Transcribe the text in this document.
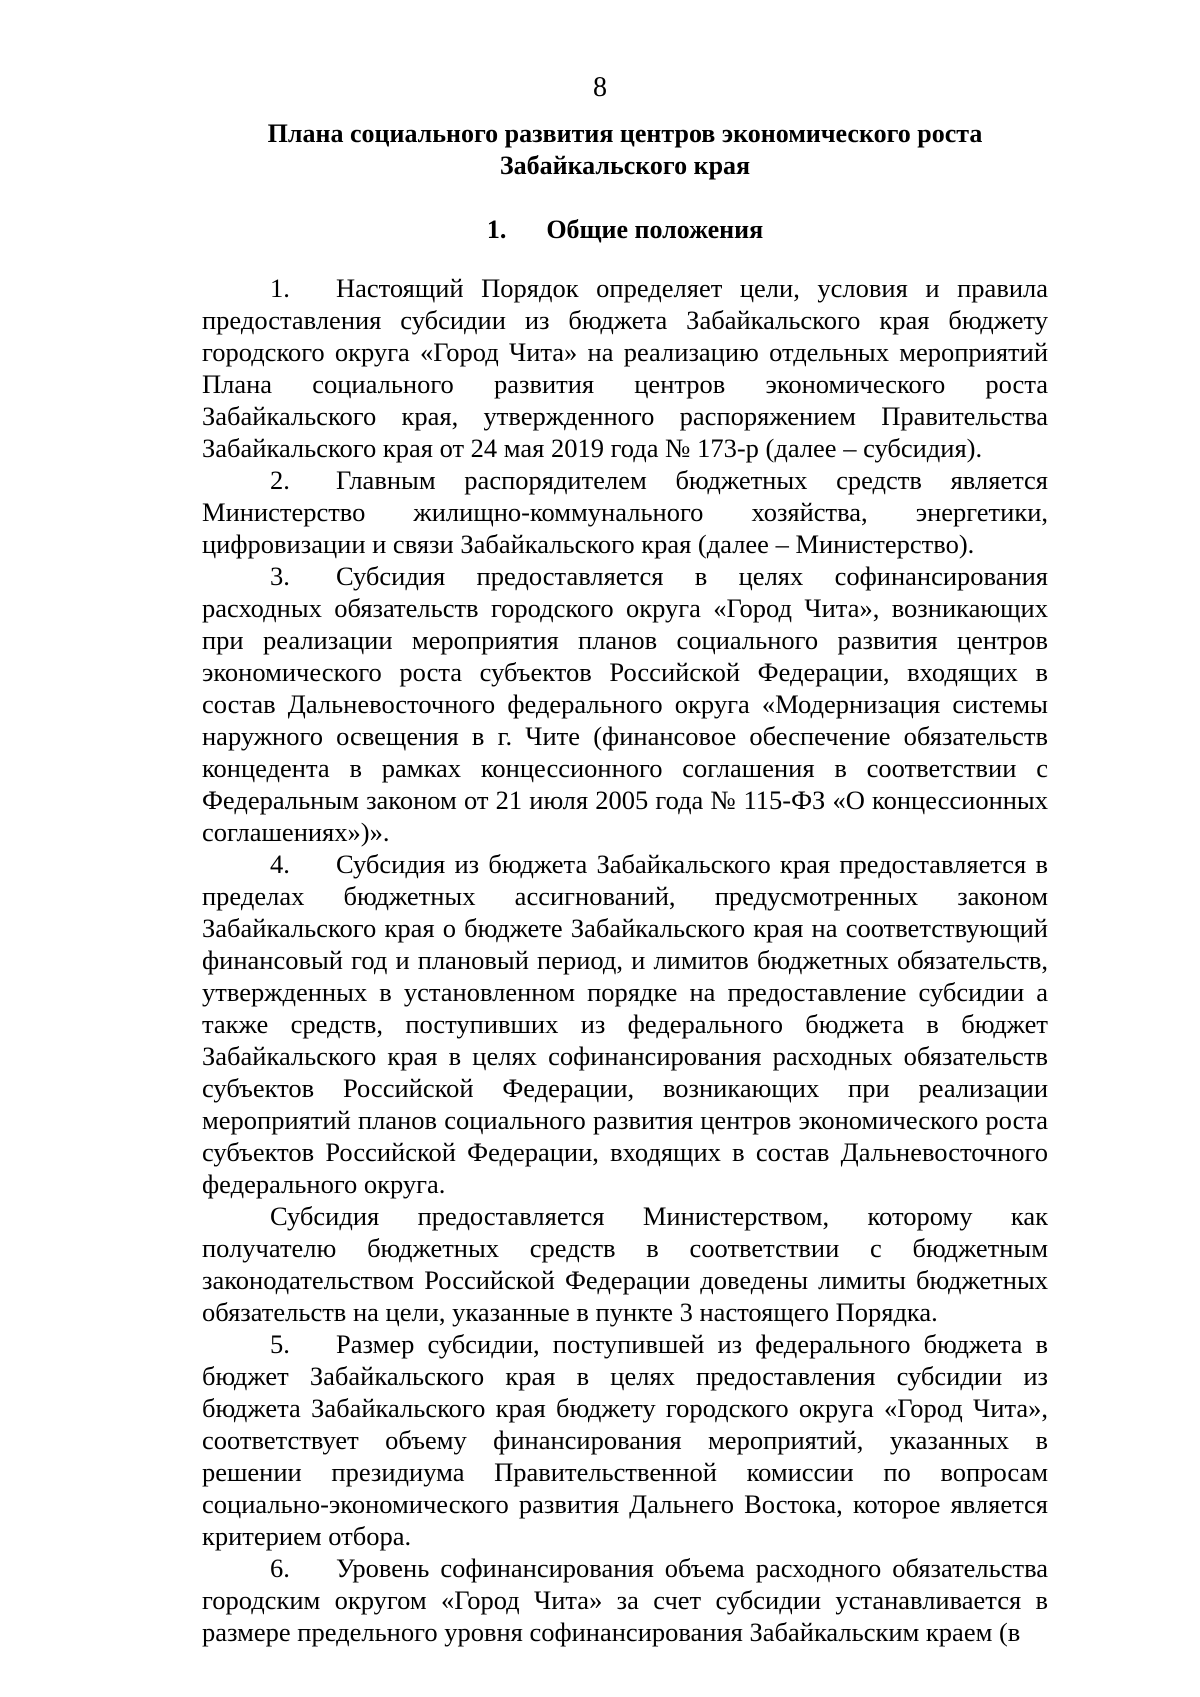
8
Плана социального развития центров экономического роста
Забайкальского края
1. Общие положения

1. Настоящий Порядок определяет цели, условия и правила предоставления субсидии из бюджета Забайкальского края бюджету городского округа «Город Чита» на реализацию отдельных мероприятий Плана социального развития центров экономического роста Забайкальского края, утвержденного распоряжением Правительства Забайкальского края от 24 мая 2019 года № 173-р (далее – субсидия).

2. Главным распорядителем бюджетных средств является Министерство жилищно-коммунального хозяйства, энергетики, цифровизации и связи Забайкальского края (далее – Министерство).

3. Субсидия предоставляется в целях софинансирования расходных обязательств городского округа «Город Чита», возникающих при реализации мероприятия планов социального развития центров экономического роста субъектов Российской Федерации, входящих в состав Дальневосточного федерального округа «Модернизация системы наружного освещения в г. Чите (финансовое обеспечение обязательств концедента в рамках концессионного соглашения в соответствии с Федеральным законом от 21 июля 2005 года № 115-ФЗ «О концессионных соглашениях»)».

4. Субсидия из бюджета Забайкальского края предоставляется в пределах бюджетных ассигнований, предусмотренных законом Забайкальского края о бюджете Забайкальского края на соответствующий финансовый год и плановый период, и лимитов бюджетных обязательств, утвержденных в установленном порядке на предоставление субсидии а также средств, поступивших из федерального бюджета в бюджет Забайкальского края в целях софинансирования расходных обязательств субъектов Российской Федерации, возникающих при реализации мероприятий планов социального развития центров экономического роста субъектов Российской Федерации, входящих в состав Дальневосточного федерального округа.

Субсидия предоставляется Министерством, которому как получателю бюджетных средств в соответствии с бюджетным законодательством Российской Федерации доведены лимиты бюджетных обязательств на цели, указанные в пункте 3 настоящего Порядка.

5. Размер субсидии, поступившей из федерального бюджета в бюджет Забайкальского края в целях предоставления субсидии из бюджета Забайкальского края бюджету городского округа «Город Чита», соответствует объему финансирования мероприятий, указанных в решении президиума Правительственной комиссии по вопросам социально-экономического развития Дальнего Востока, которое является критерием отбора.

6. Уровень софинансирования объема расходного обязательства городским округом «Город Чита» за счет субсидии устанавливается в размере предельного уровня софинансирования Забайкальским краем (в
